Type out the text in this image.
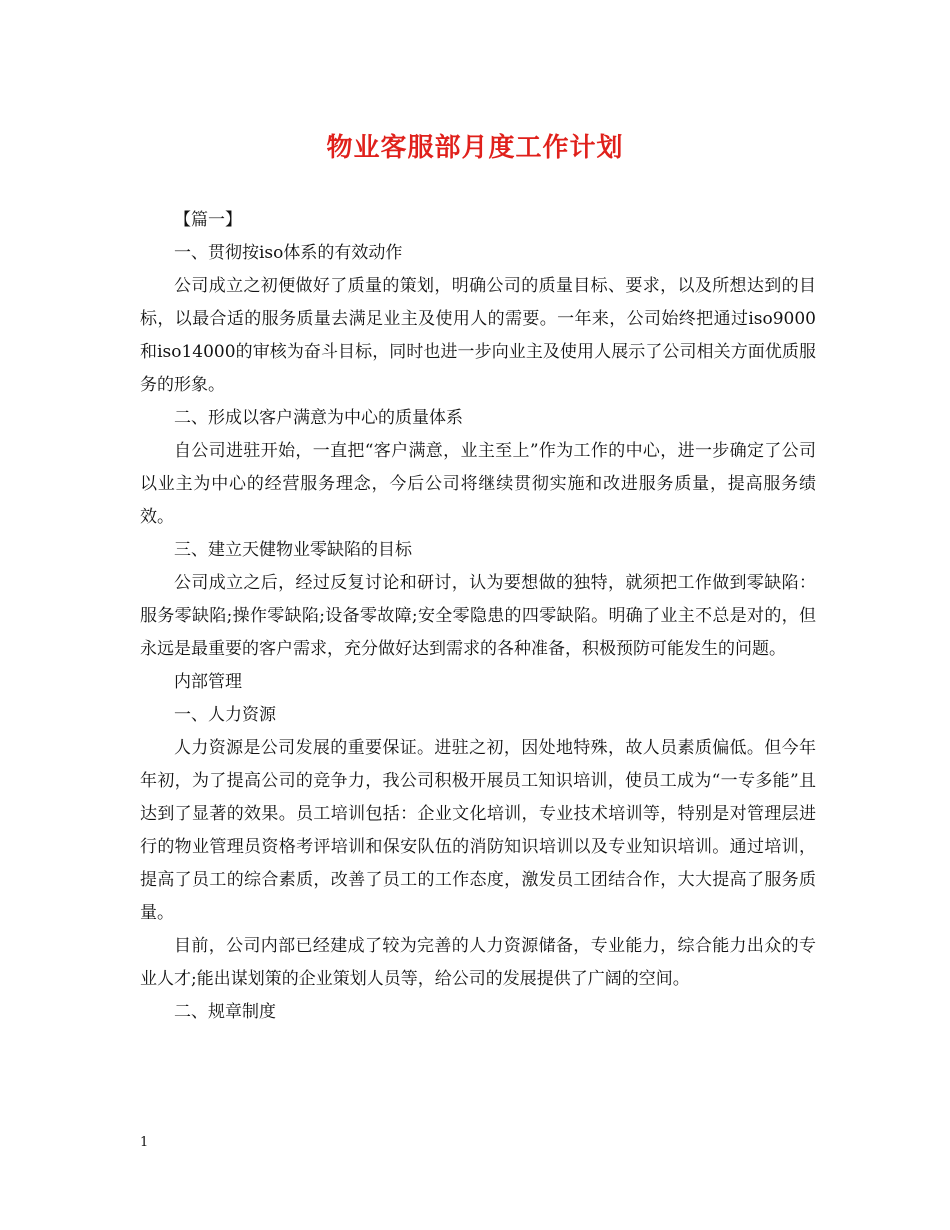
物业客服部月度工作计划

【篇一】

一、贯彻按iso体系的有效动作

公司成立之初便做好了质量的策划，明确公司的质量目标、要求，以及所想达到的目标，以最合适的服务质量去满足业主及使用人的需要。一年来，公司始终把通过iso9000和iso14000的审核为奋斗目标，同时也进一步向业主及使用人展示了公司相关方面优质服务的形象。

二、形成以客户满意为中心的质量体系

自公司进驻开始，一直把“客户满意，业主至上”作为工作的中心，进一步确定了公司以业主为中心的经营服务理念，今后公司将继续贯彻实施和改进服务质量，提高服务绩效。

三、建立天健物业零缺陷的目标

公司成立之后，经过反复讨论和研讨，认为要想做的独特，就须把工作做到零缺陷：服务零缺陷;操作零缺陷;设备零故障;安全零隐患的四零缺陷。明确了业主不总是对的，但永远是最重要的客户需求，充分做好达到需求的各种准备，积极预防可能发生的问题。

内部管理

一、人力资源

人力资源是公司发展的重要保证。进驻之初，因处地特殊，故人员素质偏低。但今年年初，为了提高公司的竞争力，我公司积极开展员工知识培训，使员工成为“一专多能”且达到了显著的效果。员工培训包括：企业文化培训，专业技术培训等，特别是对管理层进行的物业管理员资格考评培训和保安队伍的消防知识培训以及专业知识培训。通过培训，提高了员工的综合素质，改善了员工的工作态度，激发员工团结合作，大大提高了服务质量。

目前，公司内部已经建成了较为完善的人力资源储备，专业能力，综合能力出众的专业人才;能出谋划策的企业策划人员等，给公司的发展提供了广阔的空间。

二、规章制度

1
